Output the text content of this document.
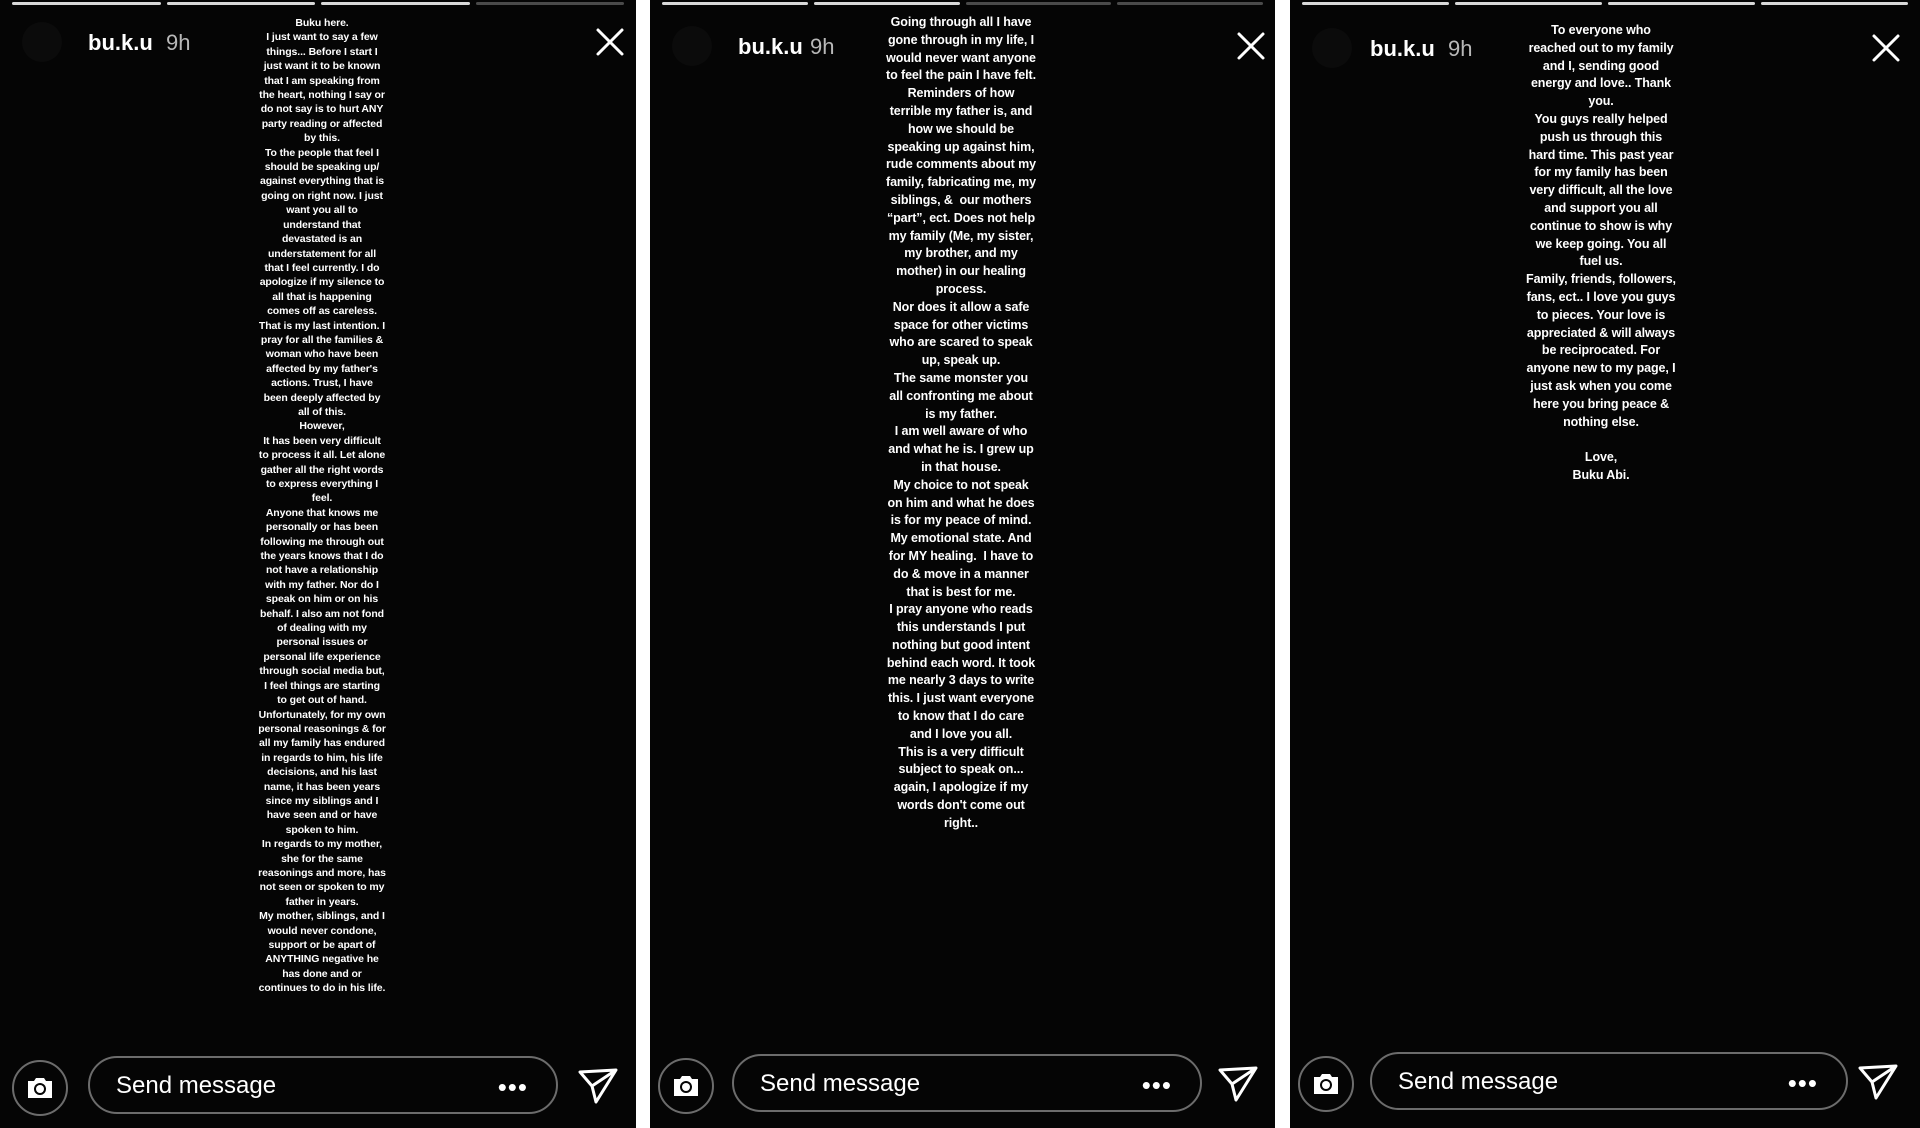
bu.k.u 9h
Buku here.
I just want to say a few things... Before I start I just want it to be known that I am speaking from the heart, nothing I say or do not say is to hurt ANY party reading or affected by this.
To the people that feel I should be speaking up/ against everything that is going on right now. I just want you all to understand that devastated is an understatement for all that I feel currently. I do apologize if my silence to all that is happening comes off as careless. That is my last intention. I pray for all the families & woman who have been affected by my father's actions. Trust, I have been deeply affected by all of this.
However,
It has been very difficult to process it all. Let alone gather all the right words to express everything I feel.
Anyone that knows me personally or has been following me through out the years knows that I do not have a relationship with my father. Nor do I speak on him or on his behalf. I also am not fond of dealing with my personal issues or personal life experience through social media but, I feel things are starting to get out of hand.
Unfortunately, for my own personal reasonings & for all my family has endured in regards to him, his life decisions, and his last name, it has been years since my siblings and I have seen and or have spoken to him.
In regards to my mother, she for the same reasonings and more, has not seen or spoken to my father in years.
My mother, siblings, and I would never condone, support or be apart of ANYTHING negative he has done and or continues to do in his life.
Send message	•••
bu.k.u 9h
Going through all I have gone through in my life, I would never want anyone to feel the pain I have felt.
Reminders of how terrible my father is, and how we should be speaking up against him, rude comments about my family, fabricating me, my siblings, &  our mothers “part”, ect. Does not help my family (Me, my sister, my brother, and my mother) in our healing process.
Nor does it allow a safe space for other victims who are scared to speak up, speak up.
The same monster you all confronting me about is my father.
I am well aware of who and what he is. I grew up in that house.
My choice to not speak on him and what he does is for my peace of mind. My emotional state. And for MY healing.  I have to do & move in a manner that is best for me.
I pray anyone who reads this understands I put nothing but good intent behind each word. It took me nearly 3 days to write this. I just want everyone to know that I do care and I love you all.
This is a very difficult subject to speak on... again, I apologize if my words don't come out right..
Send message	•••
bu.k.u 9h
To everyone who reached out to my family and I, sending good energy and love.. Thank you.
You guys really helped push us through this hard time. This past year for my family has been very difficult, all the love and support you all continue to show is why we keep going. You all fuel us.
Family, friends, followers, fans, ect.. I love you guys to pieces. Your love is appreciated & will always be reciprocated. For anyone new to my page, I just ask when you come here you bring peace & nothing else.

Love,
Buku Abi.
Send message	•••
